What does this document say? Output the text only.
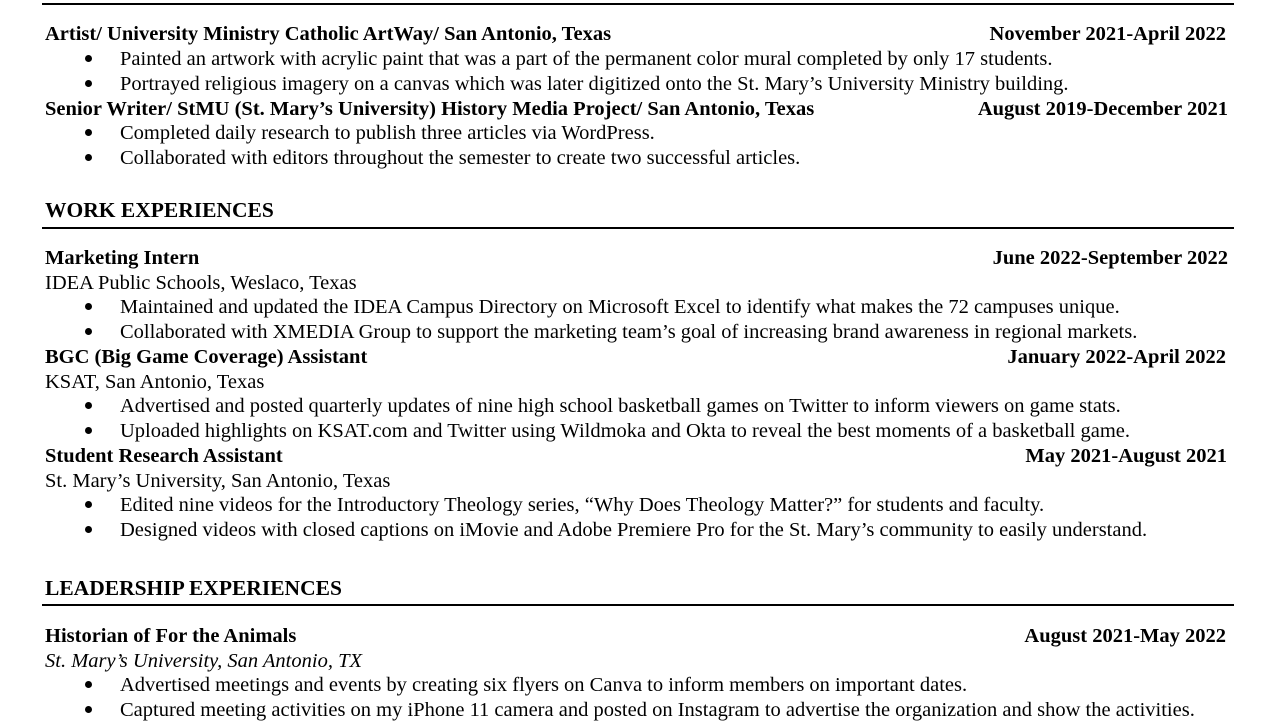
Artist/ University Ministry Catholic ArtWay/ San Antonio, Texas	November 2021-April 2022
Painted an artwork with acrylic paint that was a part of the permanent color mural completed by only 17 students.
Portrayed religious imagery on a canvas which was later digitized onto the St. Mary’s University Ministry building.
Senior Writer/ StMU (St. Mary’s University) History Media Project/ San Antonio, Texas	August 2019-December 2021
Completed daily research to publish three articles via WordPress.
Collaborated with editors throughout the semester to create two successful articles.
WORK EXPERIENCES
Marketing Intern	June 2022-September 2022
IDEA Public Schools, Weslaco, Texas
Maintained and updated the IDEA Campus Directory on Microsoft Excel to identify what makes the 72 campuses unique.
Collaborated with XMEDIA Group to support the marketing team’s goal of increasing brand awareness in regional markets.
BGC (Big Game Coverage) Assistant	January 2022-April 2022
KSAT, San Antonio, Texas
Advertised and posted quarterly updates of nine high school basketball games on Twitter to inform viewers on game stats.
Uploaded highlights on KSAT.com and Twitter using Wildmoka and Okta to reveal the best moments of a basketball game.
Student Research Assistant	May 2021-August 2021
St. Mary’s University, San Antonio, Texas
Edited nine videos for the Introductory Theology series, “Why Does Theology Matter?” for students and faculty.
Designed videos with closed captions on iMovie and Adobe Premiere Pro for the St. Mary’s community to easily understand.
LEADERSHIP EXPERIENCES
Historian of For the Animals	August 2021-May 2022
St. Mary’s University, San Antonio, TX
Advertised meetings and events by creating six flyers on Canva to inform members on important dates.
Captured meeting activities on my iPhone 11 camera and posted on Instagram to advertise the organization and show the activities.
